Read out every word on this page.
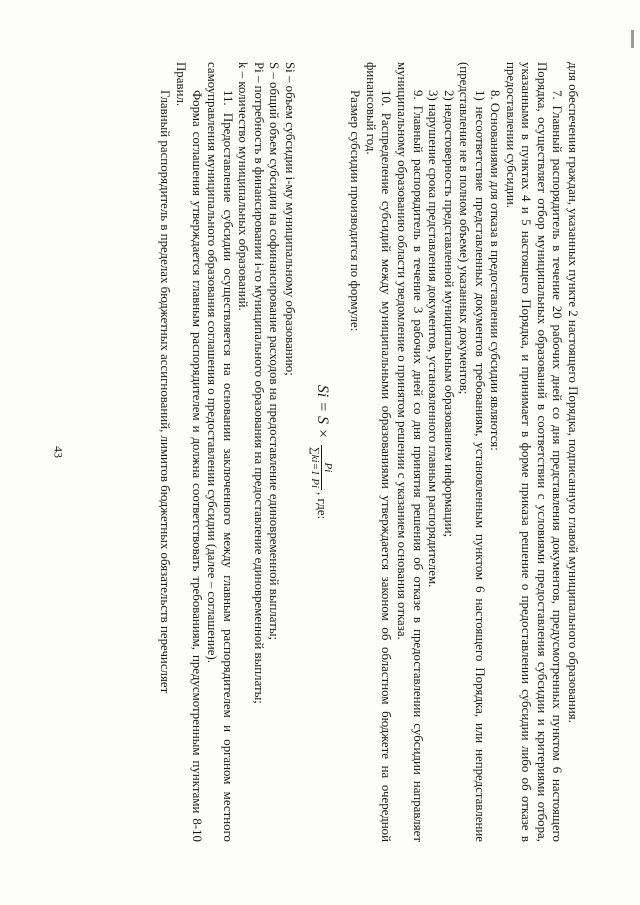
43	для обеспечения граждан, указанных пункте 2 настоящего Порядка, подписанную главой муниципального образования.

7. Главный распорядитель в течение 20 рабочих дней со дня представления документов, предусмотренных пунктом 6 настоящего Порядка, осуществляет отбор муниципальных образований в соответствии с условиями предоставления субсидии и критериями отбора, указанными в пунктах 4 и 5 настоящего Порядка, и принимает в форме приказа решение о предоставлении субсидии либо об отказе в предоставлении субсидии.

8. Основаниями для отказа в предоставлении субсидии являются:

1) несоответствие представленных документов требованиям, установленным пунктом 6 настоящего Порядка, или непредставление (представление не в полном объеме) указанных документов;

2) недостоверность представленной муниципальным образованием информации;

3) нарушение срока представления документов, установленного главным распорядителем.

9. Главный распорядитель в течение 3 рабочих дней со дня принятия решения об отказе в предоставлении субсидии направляет муниципальному образованию области уведомление о принятом решении с указанием основания отказа.

10. Распределение субсидий между муниципальными образованиями утверждается законом об областном бюджете на очередной финансовый год.

Размер субсидии производится по формуле:

Si = S ×
Pi
∑ki=1 Pi
, где:

Si – объем субсидии i-му муниципальному образованию;

S – общий объем субсидии на софинансирование расходов на предоставление единовременной выплаты;

Pi – потребность в финансировании i-го муниципального образования на предоставление единовременной выплаты;

k – количество муниципальных образований.

11. Предоставление субсидии осуществляется на основании заключенного между главным распорядителем и органом местного самоуправления муниципального образования соглашения о предоставлении субсидии (далее – соглашение).

Форма соглашения утверждается главным распорядителем и должна соответствовать требованиям, предусмотренным пунктами 8-10 Правил.

Главный распорядитель в пределах бюджетных ассигнований, лимитов бюджетных обязательств перечисляет
